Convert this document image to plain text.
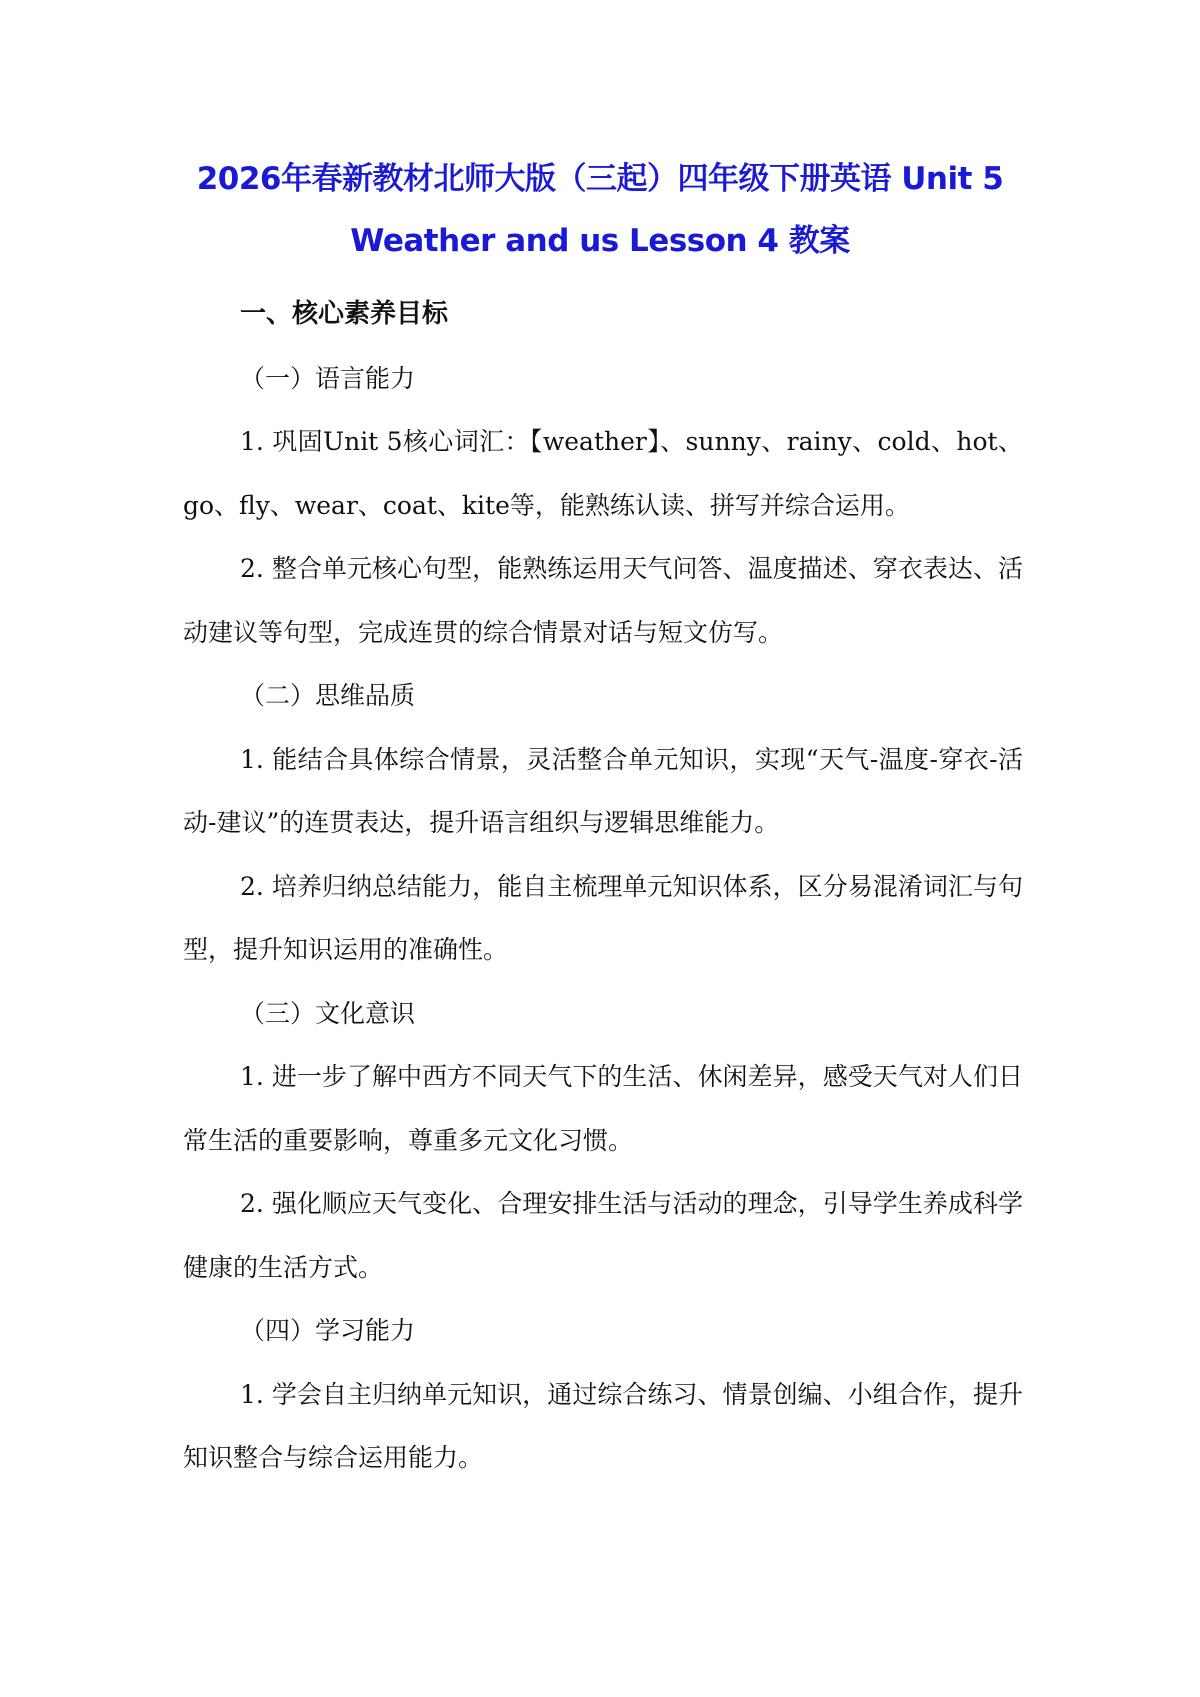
2026年春新教材北师大版（三起）四年级下册英语 Unit 5
Weather and us Lesson 4 教案

一、核心素养目标

（一）语言能力

1. 巩固Unit 5核心词汇：【weather】、sunny、rainy、cold、hot、go、fly、wear、coat、kite等，能熟练认读、拼写并综合运用。

2. 整合单元核心句型，能熟练运用天气问答、温度描述、穿衣表达、活动建议等句型，完成连贯的综合情景对话与短文仿写。

（二）思维品质

1. 能结合具体综合情景，灵活整合单元知识，实现“天气-温度-穿衣-活动-建议”的连贯表达，提升语言组织与逻辑思维能力。

2. 培养归纳总结能力，能自主梳理单元知识体系，区分易混淆词汇与句型，提升知识运用的准确性。

（三）文化意识

1. 进一步了解中西方不同天气下的生活、休闲差异，感受天气对人们日常生活的重要影响，尊重多元文化习惯。

2. 强化顺应天气变化、合理安排生活与活动的理念，引导学生养成科学健康的生活方式。

（四）学习能力

1. 学会自主归纳单元知识，通过综合练习、情景创编、小组合作，提升知识整合与综合运用能力。
